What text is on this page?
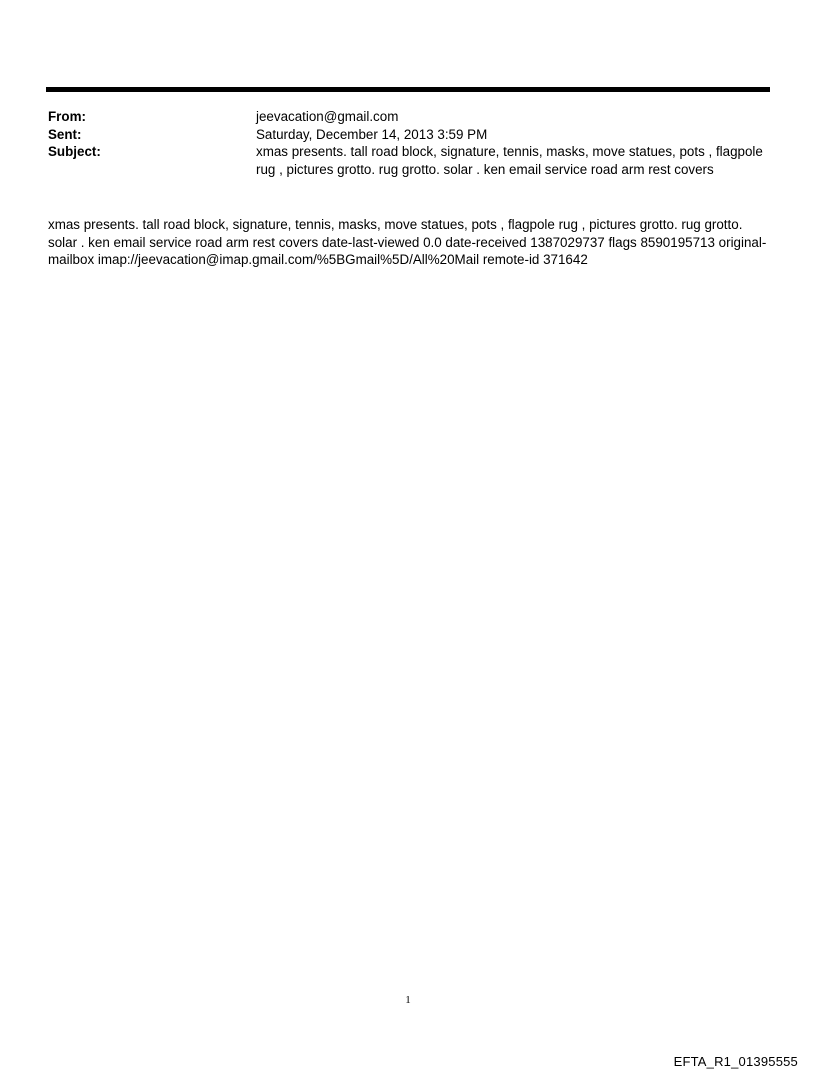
From:	jeevacation@gmail.com
Sent:	Saturday, December 14, 2013 3:59 PM
Subject:	xmas presents. tall road block, signature, tennis, masks, move statues, pots , flagpole rug , pictures grotto. rug grotto. solar . ken email service road arm rest covers
xmas presents. tall road block, signature, tennis, masks, move statues, pots , flagpole rug , pictures grotto. rug grotto. solar . ken email service road arm rest covers date-last-viewed 0.0 date-received 1387029737 flags 8590195713 original-mailbox imap://jeevacation@imap.gmail.com/%5BGmail%5D/All%20Mail remote-id 371642
1
EFTA_R1_01395555
